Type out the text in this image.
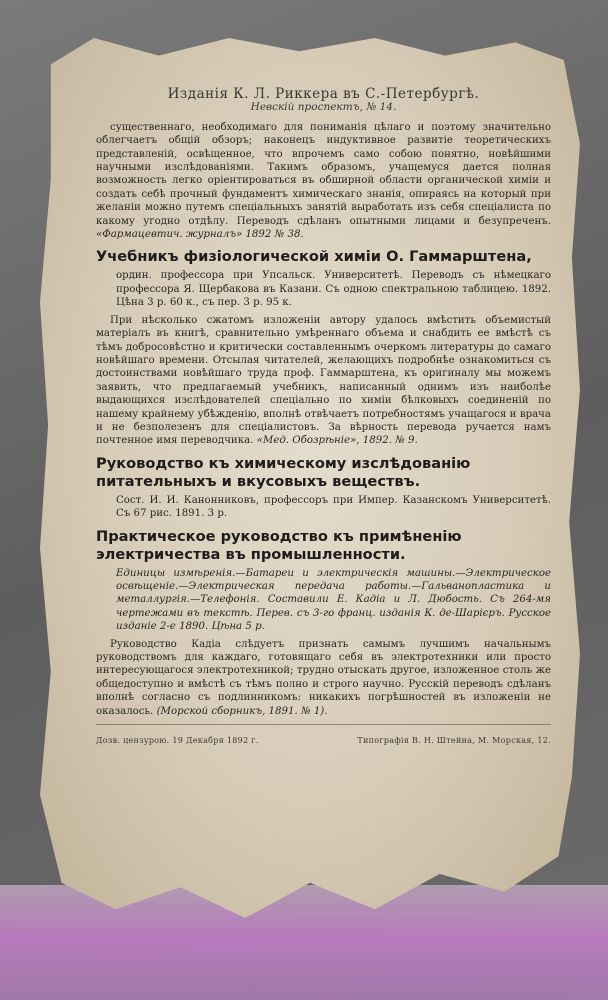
Изданія К. Л. Риккера въ С.-Петербургѣ.
Невскій проспектъ, № 14.

существеннаго, необходимаго для пониманія цѣлаго и поэтому значительно облегчаетъ общій обзоръ; наконецъ индуктивное развитіе теоретическихъ представленій, освѣщенное, что впрочемъ само собою понятно, новѣйшими научными изслѣдованіями. Такимъ образомъ, учащемуся дается полная возможность легко оріентироваться въ обширной области органической химіи и создать себѣ прочный фундаментъ химическаго знанія, опираясь на который при желаніи можно путемъ спеціальныхъ занятій выработать изъ себя спеціалиста по какому угодно отдѣлу. Переводъ сдѣланъ опытными лицами и безупреченъ. «Фармацевтич. журналъ» 1892 № 38.

Учебникъ физіологической химіи О. Гаммарштена,
ордин. профессора при Упсальск. Университетѣ. Переводъ съ нѣмецкаго профессора Я. Щербакова въ Казани. Съ одною спектральною таблицею. 1892. Цѣна 3 р. 60 к., съ пер. 3 р. 95 к.

При нѣсколько сжатомъ изложеніи автору удалось вмѣстить объемистый матеріалъ въ книгѣ, сравнительно умѣреннаго объема и снабдить ее вмѣстѣ съ тѣмъ добросовѣстно и критически составленнымъ очеркомъ литературы до самаго новѣйшаго времени. Отсылая читателей, желающихъ подробнѣе ознакомиться съ достоинствами новѣйшаго труда проф. Гаммарштена, къ оригиналу мы можемъ заявить, что предлагаемый учебникъ, написанный однимъ изъ наиболѣе выдающихся изслѣдователей спеціально по химіи бѣлковыхъ соединеній по нашему крайнему убѣжденію, вполнѣ отвѣчаетъ потребностямъ учащагося и врача и не безполезенъ для спеціалистовъ. За вѣрность перевода ручается намъ почтенное имя переводчика. «Мед. Обозрѣніе», 1892. № 9.

Руководство къ химическому изслѣдованію питательныхъ и вкусовыхъ веществъ.
Сост. И. И. Канонниковъ, профессоръ при Импер. Казанскомъ Университетѣ. Съ 67 рис. 1891. 3 р.
Практическое руководство къ примѣненію электричества въ промышленности.
Единицы измѣренія.—Батареи и электрическія машины.—Электрическое освѣщеніе.—Электрическая передача работы.—Гальванопластика и металлургія.—Телефонія. Составили Е. Кадіа и Л. Дюбость. Съ 264-мя чертежами въ текстѣ. Перев. съ 3-го франц. изданія К. де-Шарієръ. Русское изданіе 2-е 1890. Цѣна 5 р.

Руководство Кадіа слѣдуетъ признать самымъ лучшимъ начальнымъ руководствомъ для каждаго, готовящаго себя въ электротехники или просто интересующагося электротехникой; трудно отыскать другое, изложенное столь же общедоступно и вмѣстѣ съ тѣмъ полно и строго научно. Русскій переводъ сдѣланъ вполнѣ согласно съ подлинникомъ: никакихъ погрѣшностей въ изложеніи не оказалось. (Морской сборникъ, 1891. № 1).

Дозв. цензурою. 19 Декабря 1892 г.	Типографія В. Н. Штейна, М. Морская, 12.
